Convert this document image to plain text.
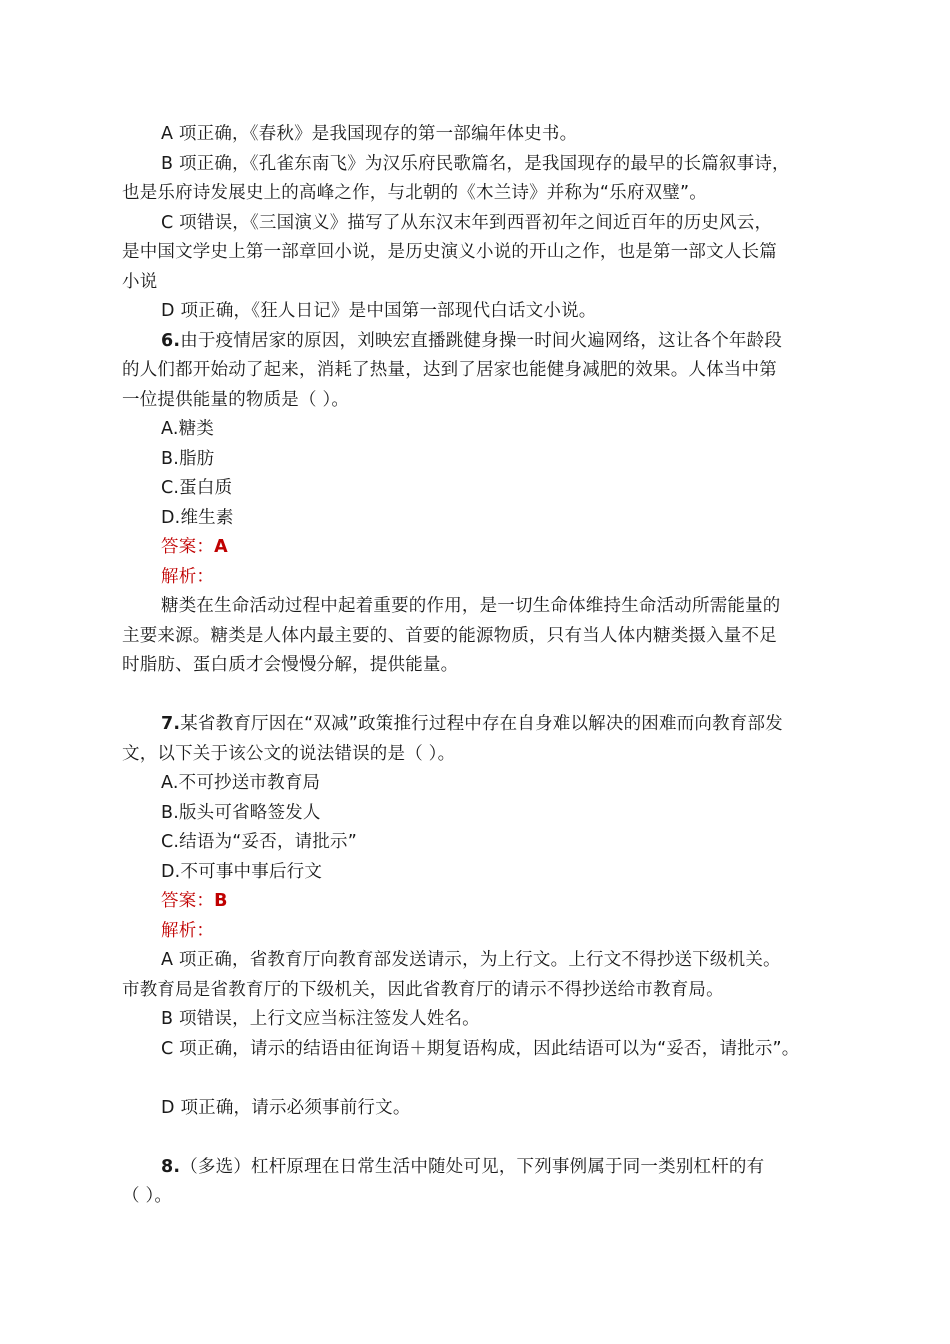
A 项正确，《春秋》是我国现存的第一部编年体史书。
B 项正确，《孔雀东南飞》为汉乐府民歌篇名，是我国现存的最早的长篇叙事诗，
也是乐府诗发展史上的高峰之作，与北朝的《木兰诗》并称为“乐府双璧”。
C 项错误，《三国演义》描写了从东汉末年到西晋初年之间近百年的历史风云，
是中国文学史上第一部章回小说，是历史演义小说的开山之作，也是第一部文人长篇
小说
D 项正确，《狂人日记》是中国第一部现代白话文小说。
6.由于疫情居家的原因，刘映宏直播跳健身操一时间火遍网络，这让各个年龄段
的人们都开始动了起来，消耗了热量，达到了居家也能健身减肥的效果。人体当中第
一位提供能量的物质是（ ）。
A.糖类
B.脂肪
C.蛋白质
D.维生素
答案：A
解析：
糖类在生命活动过程中起着重要的作用，是一切生命体维持生命活动所需能量的
主要来源。糖类是人体内最主要的、首要的能源物质，只有当人体内糖类摄入量不足
时脂肪、蛋白质才会慢慢分解，提供能量。
7.某省教育厅因在“双减”政策推行过程中存在自身难以解决的困难而向教育部发
文，以下关于该公文的说法错误的是（ ）。
A.不可抄送市教育局
B.版头可省略签发人
C.结语为“妥否，请批示”
D.不可事中事后行文
答案：B
解析：
A 项正确，省教育厅向教育部发送请示，为上行文。上行文不得抄送下级机关。
市教育局是省教育厅的下级机关，因此省教育厅的请示不得抄送给市教育局。
B 项错误，上行文应当标注签发人姓名。
C 项正确，请示的结语由征询语＋期复语构成，因此结语可以为“妥否，请批示”。
D 项正确，请示必须事前行文。
8.（多选）杠杆原理在日常生活中随处可见，下列事例属于同一类别杠杆的有
（ ）。
